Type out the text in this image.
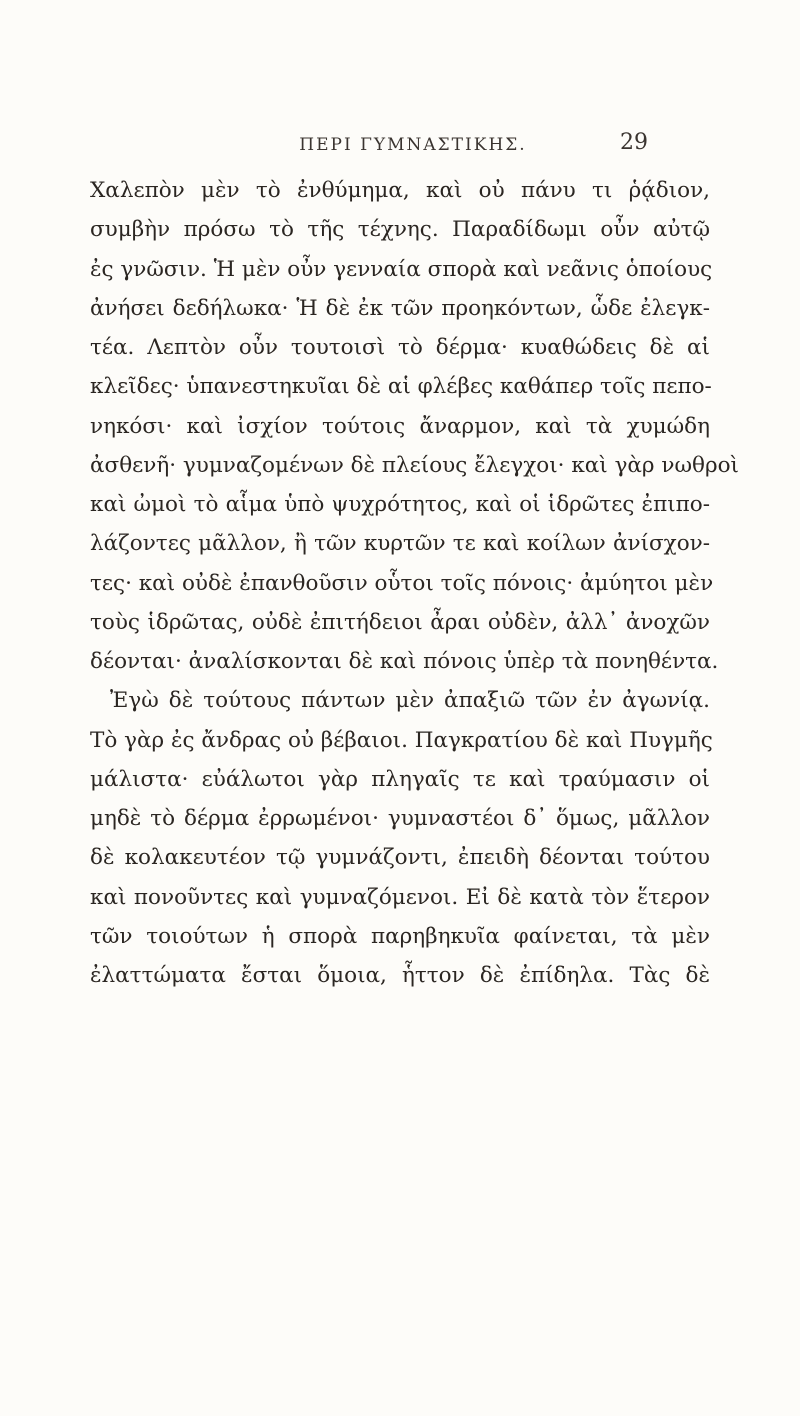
ΠΕΡΙ ΓΥΜΝΑΣΤΙΚΗΣ.	29
Χαλεπὸν μὲν τὸ ἐνθύμημα, καὶ οὐ πάνυ τι ῥᾴδιον,
συμβὴν πρόσω τὸ τῆς τέχνης. Παραδίδωμι οὖν αὐτῷ
ἐς γνῶσιν. Ἡ μὲν οὖν γενναία σπορὰ καὶ νεᾶνις ὁποίους
ἀνήσει δεδήλωκα· Ἡ δὲ ἐκ τῶν προηκόντων, ὧδε ἐλεγκ-
τέα. Λεπτὸν οὖν τουτοισὶ τὸ δέρμα· κυαθώδεις δὲ αἱ
κλεῖδες· ὑπανεστηκυῖαι δὲ αἱ φλέβες καθάπερ τοῖς πεπο-
νηκόσι· καὶ ἰσχίον τούτοις ἄναρμον, καὶ τὰ χυμώδη
ἀσθενῆ· γυμναζομένων δὲ πλείους ἔλεγχοι· καὶ γὰρ νωθροὶ
καὶ ὠμοὶ τὸ αἷμα ὑπὸ ψυχρότητος, καὶ οἱ ἱδρῶτες ἐπιπο-
λάζοντες μᾶλλον, ἢ τῶν κυρτῶν τε καὶ κοίλων ἀνίσχον-
τες· καὶ οὐδὲ ἐπανθοῦσιν οὗτοι τοῖς πόνοις· ἀμύητοι μὲν
τοὺς ἱδρῶτας, οὐδὲ ἐπιτήδειοι ἆραι οὐδὲν, ἀλλ᾽ ἀνοχῶν
δέονται· ἀναλίσκονται δὲ καὶ πόνοις ὑπὲρ τὰ πονηθέντα.
Ἐγὼ δὲ τούτους πάντων μὲν ἀπαξιῶ τῶν ἐν ἀγωνίᾳ.
Τὸ γὰρ ἐς ἄνδρας οὐ βέβαιοι. Παγκρατίου δὲ καὶ Πυγμῆς
μάλιστα· εὐάλωτοι γὰρ πληγαῖς τε καὶ τραύμασιν οἱ
μηδὲ τὸ δέρμα ἐρρωμένοι· γυμναστέοι δ᾽ ὅμως, μᾶλλον
δὲ κολακευτέον τῷ γυμνάζοντι, ἐπειδὴ δέονται τούτου
καὶ πονοῦντες καὶ γυμναζόμενοι. Εἰ δὲ κατὰ τὸν ἕτερον
τῶν τοιούτων ἡ σπορὰ παρηβηκυῖα φαίνεται, τὰ μὲν
ἐλαττώματα ἔσται ὅμοια, ἧττον δὲ ἐπίδηλα. Τὰς δὲ
